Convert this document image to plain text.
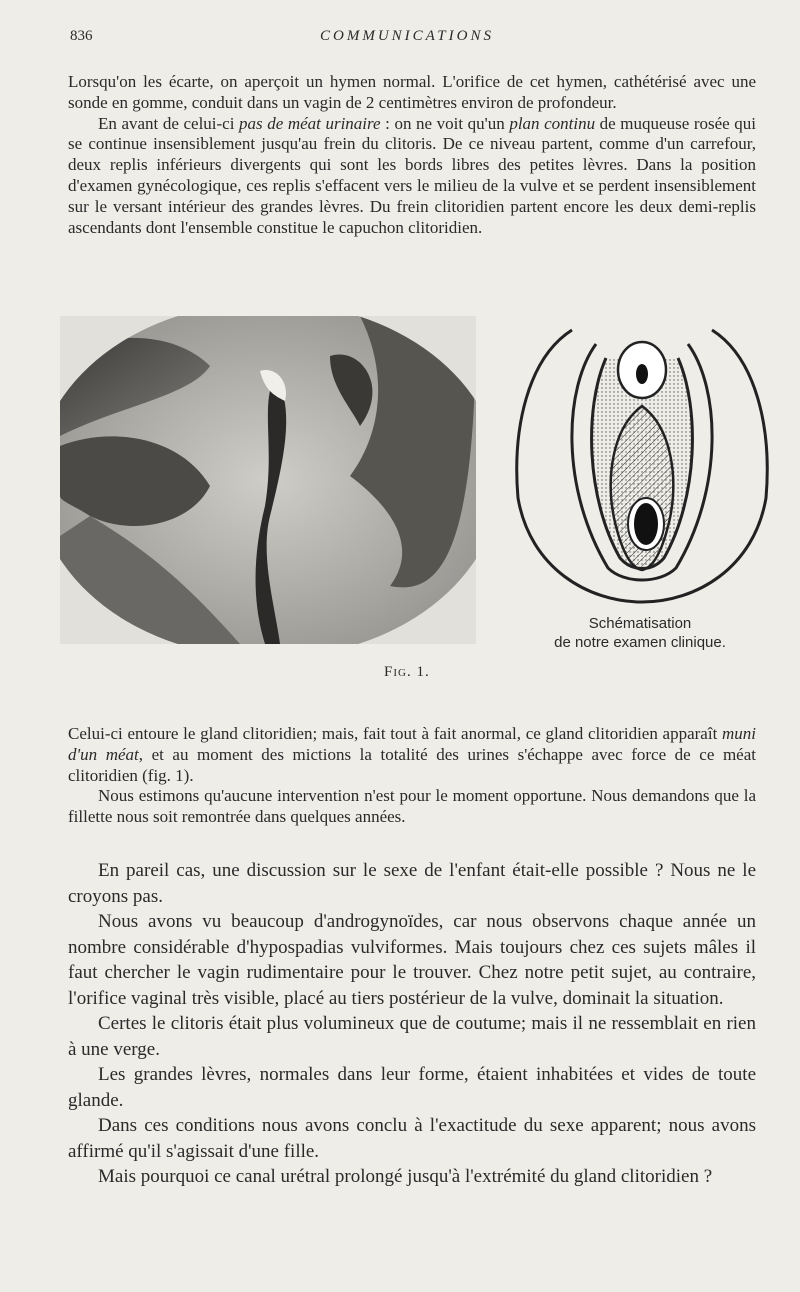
836	COMMUNICATIONS

Lorsqu'on les écarte, on aperçoit un hymen normal. L'orifice de cet hymen, cathétérisé avec une sonde en gomme, conduit dans un vagin de 2 centimètres environ de profondeur.

En avant de celui-ci pas de méat urinaire : on ne voit qu'un plan continu de muqueuse rosée qui se continue insensiblement jusqu'au frein du clitoris. De ce niveau partent, comme d'un carrefour, deux replis inférieurs divergents qui sont les bords libres des petites lèvres. Dans la position d'examen gynécologique, ces replis s'effacent vers le milieu de la vulve et se perdent insensiblement sur le versant intérieur des grandes lèvres. Du frein clitoridien partent encore les deux demi-replis ascendants dont l'ensemble constitue le capuchon clitoridien.

Schématisation
de notre examen clinique.
Fig. 1.

Celui-ci entoure le gland clitoridien; mais, fait tout à fait anormal, ce gland clitoridien apparaît muni d'un méat, et au moment des mictions la totalité des urines s'échappe avec force de ce méat clitoridien (fig. 1).

Nous estimons qu'aucune intervention n'est pour le moment opportune. Nous demandons que la fillette nous soit remontrée dans quelques années.

En pareil cas, une discussion sur le sexe de l'enfant était-elle possible ? Nous ne le croyons pas.

Nous avons vu beaucoup d'androgynoïdes, car nous observons chaque année un nombre considérable d'hypospadias vulviformes. Mais toujours chez ces sujets mâles il faut chercher le vagin rudimentaire pour le trouver. Chez notre petit sujet, au contraire, l'orifice vaginal très visible, placé au tiers postérieur de la vulve, dominait la situation.

Certes le clitoris était plus volumineux que de coutume; mais il ne ressemblait en rien à une verge.

Les grandes lèvres, normales dans leur forme, étaient inhabitées et vides de toute glande.

Dans ces conditions nous avons conclu à l'exactitude du sexe apparent; nous avons affirmé qu'il s'agissait d'une fille.

Mais pourquoi ce canal urétral prolongé jusqu'à l'extrémité du gland clitoridien ?
